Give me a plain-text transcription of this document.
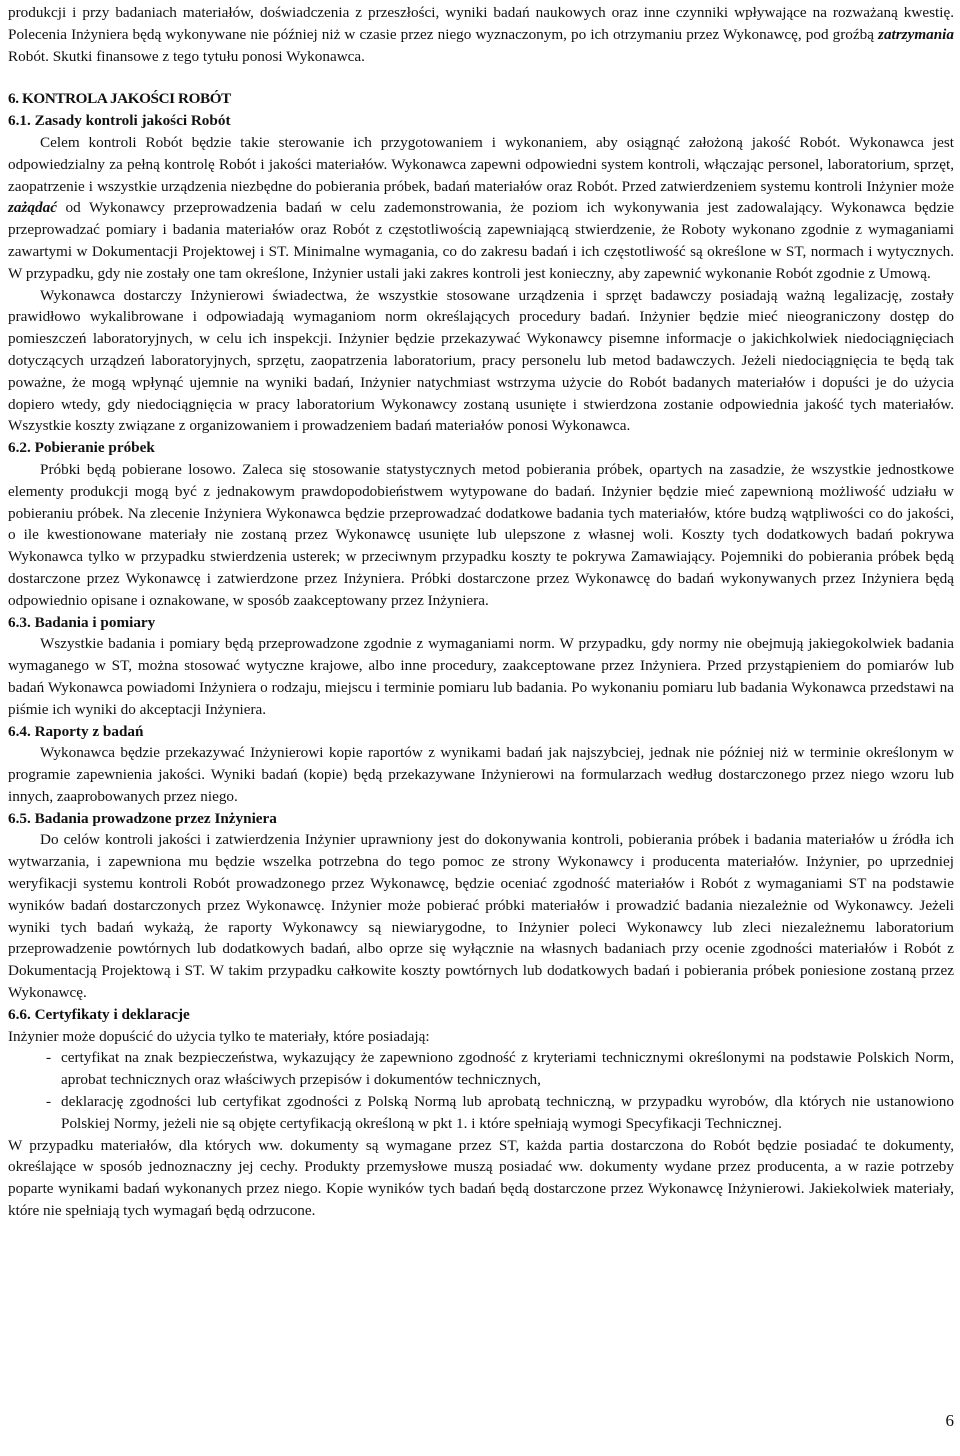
produkcji i przy badaniach materiałów, doświadczenia z przeszłości, wyniki badań naukowych oraz inne czynniki wpływające na rozważaną kwestię. Polecenia Inżyniera będą wykonywane nie później niż w czasie przez niego wyznaczonym, po ich otrzymaniu przez Wykonawcę, pod groźbą zatrzymania Robót. Skutki finansowe z tego tytułu ponosi Wykonawca.

6. KONTROLA JAKOŚCI ROBÓT
6.1. Zasady kontroli jakości Robót

Celem kontroli Robót będzie takie sterowanie ich przygotowaniem i wykonaniem, aby osiągnąć założoną jakość Robót. Wykonawca jest odpowiedzialny za pełną kontrolę Robót i jakości materiałów. Wykonawca zapewni odpowiedni system kontroli, włączając personel, laboratorium, sprzęt, zaopatrzenie i wszystkie urządzenia niezbędne do pobierania próbek, badań materiałów oraz Robót. Przed zatwierdzeniem systemu kontroli Inżynier może zażądać od Wykonawcy przeprowadzenia badań w celu zademonstrowania, że poziom ich wykonywania jest zadowalający. Wykonawca będzie przeprowadzać pomiary i badania materiałów oraz Robót z częstotliwością zapewniającą stwierdzenie, że Roboty wykonano zgodnie z wymaganiami zawartymi w Dokumentacji Projektowej i ST. Minimalne wymagania, co do zakresu badań i ich częstotliwość są określone w ST, normach i wytycznych. W przypadku, gdy nie zostały one tam określone, Inżynier ustali jaki zakres kontroli jest konieczny, aby zapewnić wykonanie Robót zgodnie z Umową.

Wykonawca dostarczy Inżynierowi świadectwa, że wszystkie stosowane urządzenia i sprzęt badawczy posiadają ważną legalizację, zostały prawidłowo wykalibrowane i odpowiadają wymaganiom norm określających procedury badań. Inżynier będzie mieć nieograniczony dostęp do pomieszczeń laboratoryjnych, w celu ich inspekcji. Inżynier będzie przekazywać Wykonawcy pisemne informacje o jakichkolwiek niedociągnięciach dotyczących urządzeń laboratoryjnych, sprzętu, zaopatrzenia laboratorium, pracy personelu lub metod badawczych. Jeżeli niedociągnięcia te będą tak poważne, że mogą wpłynąć ujemnie na wyniki badań, Inżynier natychmiast wstrzyma użycie do Robót badanych materiałów i dopuści je do użycia dopiero wtedy, gdy niedociągnięcia w pracy laboratorium Wykonawcy zostaną usunięte i stwierdzona zostanie odpowiednia jakość tych materiałów. Wszystkie koszty związane z organizowaniem i prowadzeniem badań materiałów ponosi Wykonawca.

6.2. Pobieranie próbek

Próbki będą pobierane losowo. Zaleca się stosowanie statystycznych metod pobierania próbek, opartych na zasadzie, że wszystkie jednostkowe elementy produkcji mogą być z jednakowym prawdopodobieństwem wytypowane do badań. Inżynier będzie mieć zapewnioną możliwość udziału w pobieraniu próbek. Na zlecenie Inżyniera Wykonawca będzie przeprowadzać dodatkowe badania tych materiałów, które budzą wątpliwości co do jakości, o ile kwestionowane materiały nie zostaną przez Wykonawcę usunięte lub ulepszone z własnej woli. Koszty tych dodatkowych badań pokrywa Wykonawca tylko w przypadku stwierdzenia usterek; w przeciwnym przypadku koszty te pokrywa Zamawiający. Pojemniki do pobierania próbek będą dostarczone przez Wykonawcę i zatwierdzone przez Inżyniera. Próbki dostarczone przez Wykonawcę do badań wykonywanych przez Inżyniera będą odpowiednio opisane i oznakowane, w sposób zaakceptowany przez Inżyniera.

6.3. Badania i pomiary

Wszystkie badania i pomiary będą przeprowadzone zgodnie z wymaganiami norm. W przypadku, gdy normy nie obejmują jakiegokolwiek badania wymaganego w ST, można stosować wytyczne krajowe, albo inne procedury, zaakceptowane przez Inżyniera. Przed przystąpieniem do pomiarów lub badań Wykonawca powiadomi Inżyniera o rodzaju, miejscu i terminie pomiaru lub badania. Po wykonaniu pomiaru lub badania Wykonawca przedstawi na piśmie ich wyniki do akceptacji Inżyniera.

6.4. Raporty z badań

Wykonawca będzie przekazywać Inżynierowi kopie raportów z wynikami badań jak najszybciej, jednak nie później niż w terminie określonym w programie zapewnienia jakości. Wyniki badań (kopie) będą przekazywane Inżynierowi na formularzach według dostarczonego przez niego wzoru lub innych, zaaprobowanych przez niego.

6.5. Badania prowadzone przez Inżyniera

Do celów kontroli jakości i zatwierdzenia Inżynier uprawniony jest do dokonywania kontroli, pobierania próbek i badania materiałów u źródła ich wytwarzania, i zapewniona mu będzie wszelka potrzebna do tego pomoc ze strony Wykonawcy i producenta materiałów. Inżynier, po uprzedniej weryfikacji systemu kontroli Robót prowadzonego przez Wykonawcę, będzie oceniać zgodność materiałów i Robót z wymaganiami ST na podstawie wyników badań dostarczonych przez Wykonawcę. Inżynier może pobierać próbki materiałów i prowadzić badania niezależnie od Wykonawcy. Jeżeli wyniki tych badań wykażą, że raporty Wykonawcy są niewiarygodne, to Inżynier poleci Wykonawcy lub zleci niezależnemu laboratorium przeprowadzenie powtórnych lub dodatkowych badań, albo oprze się wyłącznie na własnych badaniach przy ocenie zgodności materiałów i Robót z Dokumentacją Projektową i ST. W takim przypadku całkowite koszty powtórnych lub dodatkowych badań i pobierania próbek poniesione zostaną przez Wykonawcę.

6.6. Certyfikaty i deklaracje

Inżynier może dopuścić do użycia tylko te materiały, które posiadają:

- certyfikat na znak bezpieczeństwa, wykazujący że zapewniono zgodność z kryteriami technicznymi określonymi na podstawie Polskich Norm, aprobat technicznych oraz właściwych przepisów i dokumentów technicznych,
- deklarację zgodności lub certyfikat zgodności z Polską Normą lub aprobatą techniczną, w przypadku wyrobów, dla których nie ustanowiono Polskiej Normy, jeżeli nie są objęte certyfikacją określoną w pkt 1. i które spełniają wymogi Specyfikacji Technicznej.

W przypadku materiałów, dla których ww. dokumenty są wymagane przez ST, każda partia dostarczona do Robót będzie posiadać te dokumenty, określające w sposób jednoznaczny jej cechy. Produkty przemysłowe muszą posiadać ww. dokumenty wydane przez producenta, a w razie potrzeby poparte wynikami badań wykonanych przez niego. Kopie wyników tych badań będą dostarczone przez Wykonawcę Inżynierowi. Jakiekolwiek materiały, które nie spełniają tych wymagań będą odrzucone.

6
